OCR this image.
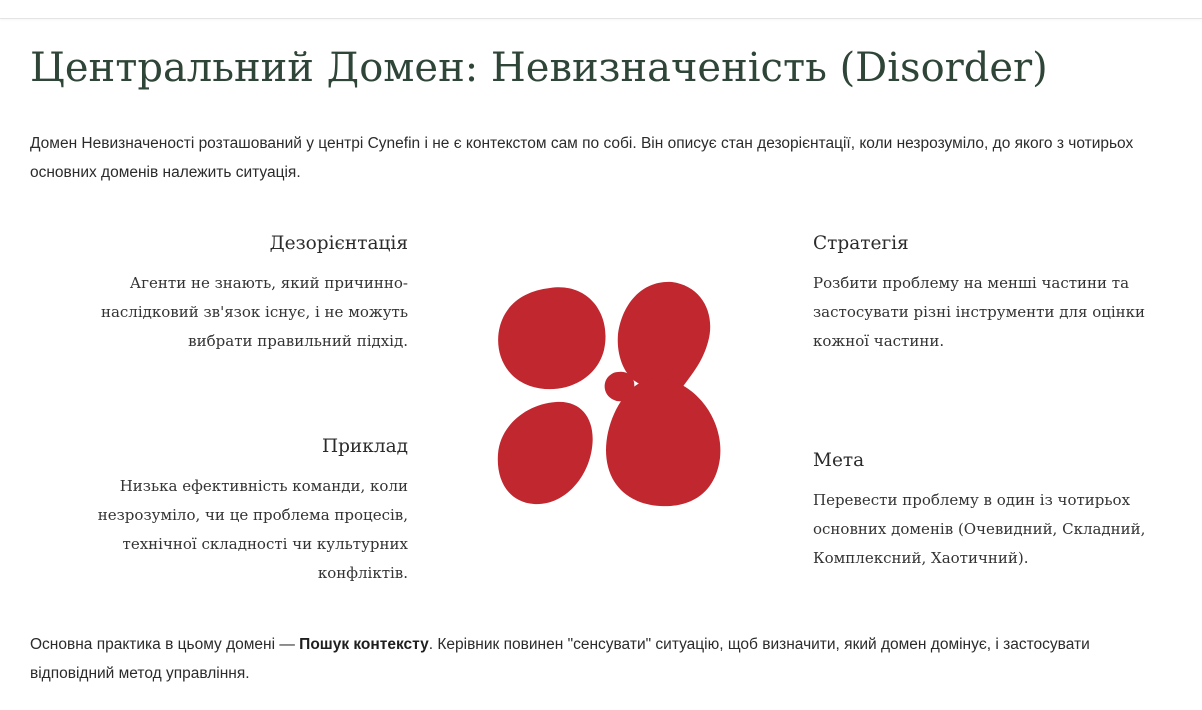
Центральний Домен: Невизначеність (Disorder)

Домен Невизначеності розташований у центрі Cynefin і не є контекстом сам по собі. Він описує стан дезорієнтації, коли незрозуміло, до якого з чотирьох основних доменів належить ситуація.

Дезорієнтація

Агенти не знають, який причинно-наслідковий зв'язок існує, і не можуть вибрати правильний підхід.

Приклад

Низька ефективність команди, коли незрозуміло, чи це проблема процесів, технічної складності чи культурних конфліктів.

Стратегія

Розбити проблему на менші частини та застосувати різні інструменти для оцінки кожної частини.

Мета

Перевести проблему в один із чотирьох основних доменів (Очевидний, Складний, Комплексний, Хаотичний).

Основна практика в цьому домені — Пошук контексту. Керівник повинен "сенсувати" ситуацію, щоб визначити, який домен домінує, і застосувати відповідний метод управління.
